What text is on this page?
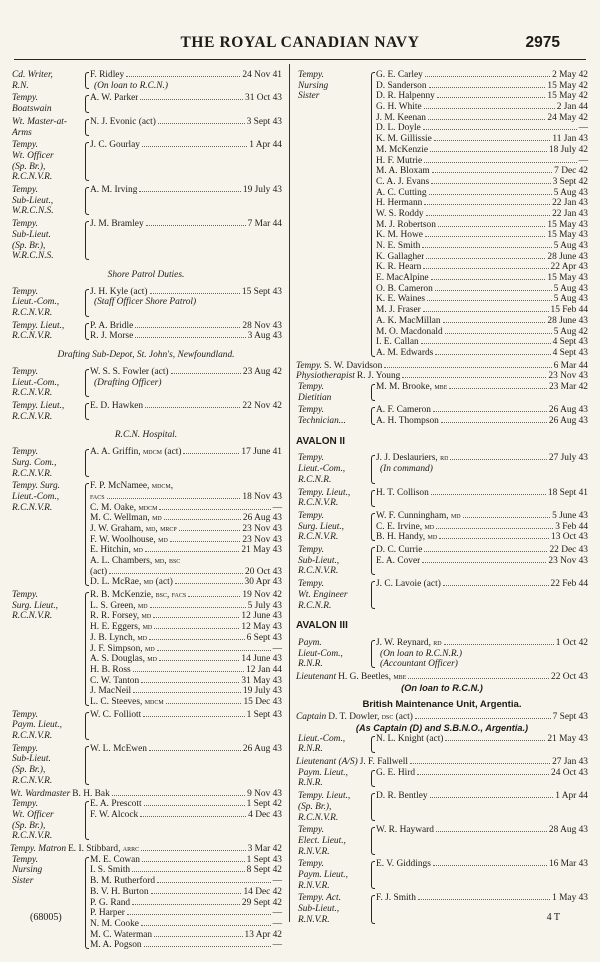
THE ROYAL CANADIAN NAVY	2975
Cd. Writer,
R.N.
F. Ridley	24 Nov 41
(On loan to R.C.N.)
Tempy.
Boatswain
A. W. Parker	31 Oct 43
Wt. Master-at-
Arms
N. J. Evonic (act)	3 Sept 43
Tempy.
Wt. Officer
(Sp. Br.),
R.C.N.V.R.
J. C. Gourlay	1 Apr 44
Tempy.
Sub-Lieut.,
W.R.C.N.S.
A. M. Irving	19 July 43
Tempy.
Sub-Lieut.
(Sp. Br.),
W.R.C.N.S.
J. M. Bramley	7 Mar 44
Shore Patrol Duties.
Tempy.
Lieut.-Com.,
R.C.N.V.R.
J. H. Kyle (act)	15 Sept 43
(Staff Officer Shore Patrol)
Tempy. Lieut.,
R.C.N.V.R.
P. A. Bridle	28 Nov 43
R. J. Morse	3 Aug 43
Drafting Sub-Depot, St. John's, Newfoundland.
Tempy.
Lieut.-Com.,
R.C.N.V.R.
W. S. S. Fowler (act)	23 Aug 42
(Drafting Officer)
Tempy. Lieut.,
R.C.N.V.R.
E. D. Hawken	22 Nov 42
R.C.N. Hospital.
Tempy.
Surg. Com.,
R.C.N.V.R.
A. A. Griffin, mdcm (act)	17 June 41
Tempy. Surg.
Lieut.-Com.,
R.C.N.V.R.
F. P. McNamee, mdcm,
facs	18 Nov 43
C. M. Oake, mdcm	—
M. C. Wellman, md	26 Aug 43
J. W. Graham, md, mrcp	23 Nov 43
F. W. Woolhouse, md	23 Nov 43
E. Hitchin, md	21 May 43
A. L. Chambers, md, bsc
(act)	20 Oct 43
D. L. McRae, md (act)	30 Apr 43
Tempy.
Surg. Lieut.,
R.C.N.V.R.
R. B. McKenzie, bsc, facs	19 Nov 42
L. S. Green, md	5 July 43
R. R. Forsey, md	12 June 43
H. E. Eggers, md	12 May 43
J. B. Lynch, md	6 Sept 43
J. F. Simpson, md	—
A. S. Douglas, md	14 June 43
H. B. Ross	12 Jan 44
C. W. Tanton	31 May 43
J. MacNeil	19 July 43
L. C. Steeves, mdcm	15 Dec 43
Tempy.
Paym. Lieut.,
R.C.N.V.R.
W. C. Folliott	1 Sept 43
Tempy.
Sub-Lieut.
(Sp. Br.),
R.C.N.V.R.
W. L. McEwen	26 Aug 43
Wt. Wardmaster B. H. Bak	9 Nov 43
Tempy.
Wt. Officer
(Sp. Br.),
R.C.N.V.R.
E. A. Prescott	1 Sept 42
F. W. Alcock	4 Dec 43
Tempy. Matron E. I. Stibbard, arrc	3 Mar 42
Tempy.
Nursing
Sister
M. E. Cowan	1 Sept 43
I. S. Smith	8 Sept 42
B. M. Rutherford	—
B. V. H. Burton	14 Dec 42
P. G. Rand	29 Sept 42
P. Harper	—
N. M. Cooke	—
M. C. Waterman	13 Apr 42
M. A. Pogson	—
Tempy.
Nursing
Sister
G. E. Carley	2 May 42
D. Sanderson	15 May 42
D. R. Halpenny	15 May 42
G. H. White	2 Jan 44
J. M. Keenan	24 May 42
D. L. Doyle	—
K. M. Gillissie	11 Jan 43
M. McKenzie	18 July 42
H. F. Mutrie	—
M. A. Bloxam	7 Dec 42
C. A. J. Evans	3 Sept 42
A. C. Cutting	5 Aug 43
H. Hermann	22 Jan 43
W. S. Roddy	22 Jan 43
M. J. Robertson	15 May 43
K. M. Howe	15 May 43
N. E. Smith	5 Aug 43
K. Gallagher	28 June 43
K. R. Hearn	22 Apr 43
E. MacAlpine	15 May 43
O. B. Cameron	5 Aug 43
K. E. Waines	5 Aug 43
M. J. Fraser	15 Feb 44
A. K. MacMillan	28 June 43
M. O. Macdonald	5 Aug 42
I. E. Callan	4 Sept 43
A. M. Edwards	4 Sept 43
Tempy. S. W. Davidson	6 Mar 44
Physiotherapist R. J. Young	23 Nov 43
Tempy.
Dietitian
M. M. Brooke, mbe	23 Mar 42
Tempy.
Technician...
A. F. Cameron	26 Aug 43
A. H. Thompson	26 Aug 43
AVALON II
Tempy.
Lieut.-Com.,
R.C.N.R.
J. J. Deslauriers, rd	27 July 43
(In command)
Tempy. Lieut.,
R.C.N.V.R.
H. T. Collison	18 Sept 41
Tempy.
Surg. Lieut.,
R.C.N.V.R.
W. F. Cunningham, md	5 June 43
C. E. Irvine, md	3 Feb 44
B. H. Handy, md	13 Oct 43
Tempy.
Sub-Lieut.,
R.C.N.V.R.
D. C. Currie	22 Dec 43
E. A. Cover	23 Nov 43
Tempy.
Wt. Engineer
R.C.N.R.
J. C. Lavoie (act)	22 Feb 44
AVALON III
Paym.
Lieut-Com.,
R.N.R.
J. W. Reynard, rd	1 Oct 42
(On loan to R.C.N.R.)
(Accountant Officer)
Lieutenant H. G. Beetles, mbe	22 Oct 43
(On loan to R.C.N.)
British Maintenance Unit, Argentia.
Captain D. T. Dowler, dsc (act)	7 Sept 43
(As Captain (D) and S.B.N.O., Argentia.)
Lieut.-Com.,
R.N.R.
N. L. Knight (act)	21 May 43
Lieutenant (A/S) J. F. Fallwell	27 Jan 43
Paym. Lieut.,
R.N.R.
G. E. Hird	24 Oct 43
Tempy. Lieut.,
(Sp. Br.),
R.C.N.V.R.
D. R. Bentley	1 Apr 44
Tempy.
Elect. Lieut.,
R.N.V.R.
W. R. Hayward	28 Aug 43
Tempy.
Paym. Lieut.,
R.N.V.R.
E. V. Giddings	16 Mar 43
Tempy. Act.
Sub-Lieut.,
R.N.V.R.
F. J. Smith	1 May 43
(68005)	4 T
